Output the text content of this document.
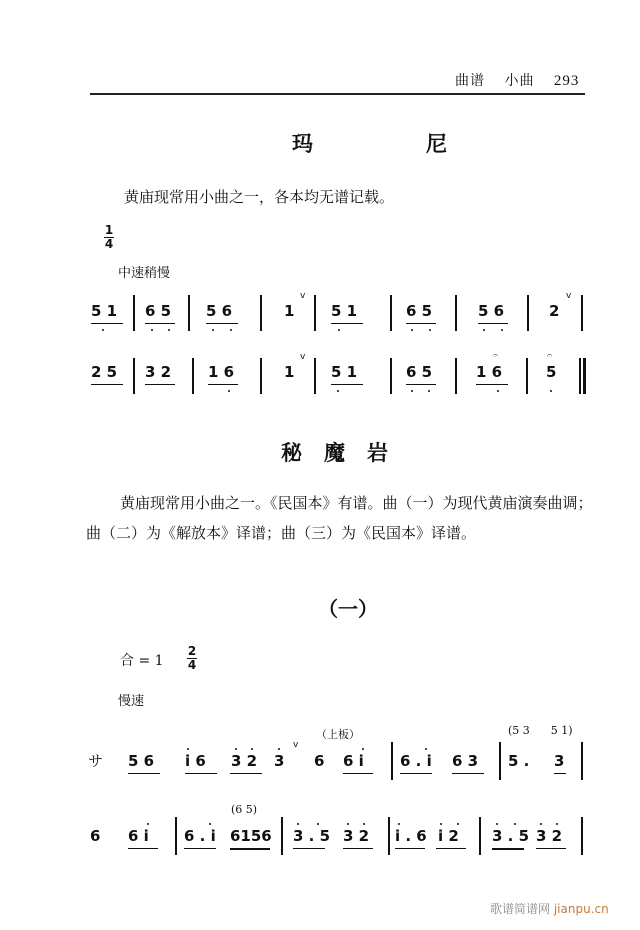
曲谱 小曲 293
玛　尼
黄庙现常用小曲之一，各本均无谱记载。
1
4
中速稍慢
5 1 6 5 5 6	1
v
5 1	6 5	5 6	2
v
2 5 3 2 1 6	1
v
5 1	6 5	1 6
𝄐
5
𝄐
秘魔岩
黄庙现常用小曲之一。《民国本》有谱。曲（一）为现代黄庙演奏曲调；曲（二）为《解放本》译谱；曲（三）为《民国本》译谱。
（一）
合 = 1
2
4
慢速
サ 5 6 i 6 3 2 3
v
（上板）
6 6 i 6 . i 6 3
(5 3 5 1)
5 . 3
6 6 i 6 . i
(6 5)
6156 3 . 5 3 2 i . 6 i 2 3 . 5 3 2
歌谱简谱网 jianpu.cn
